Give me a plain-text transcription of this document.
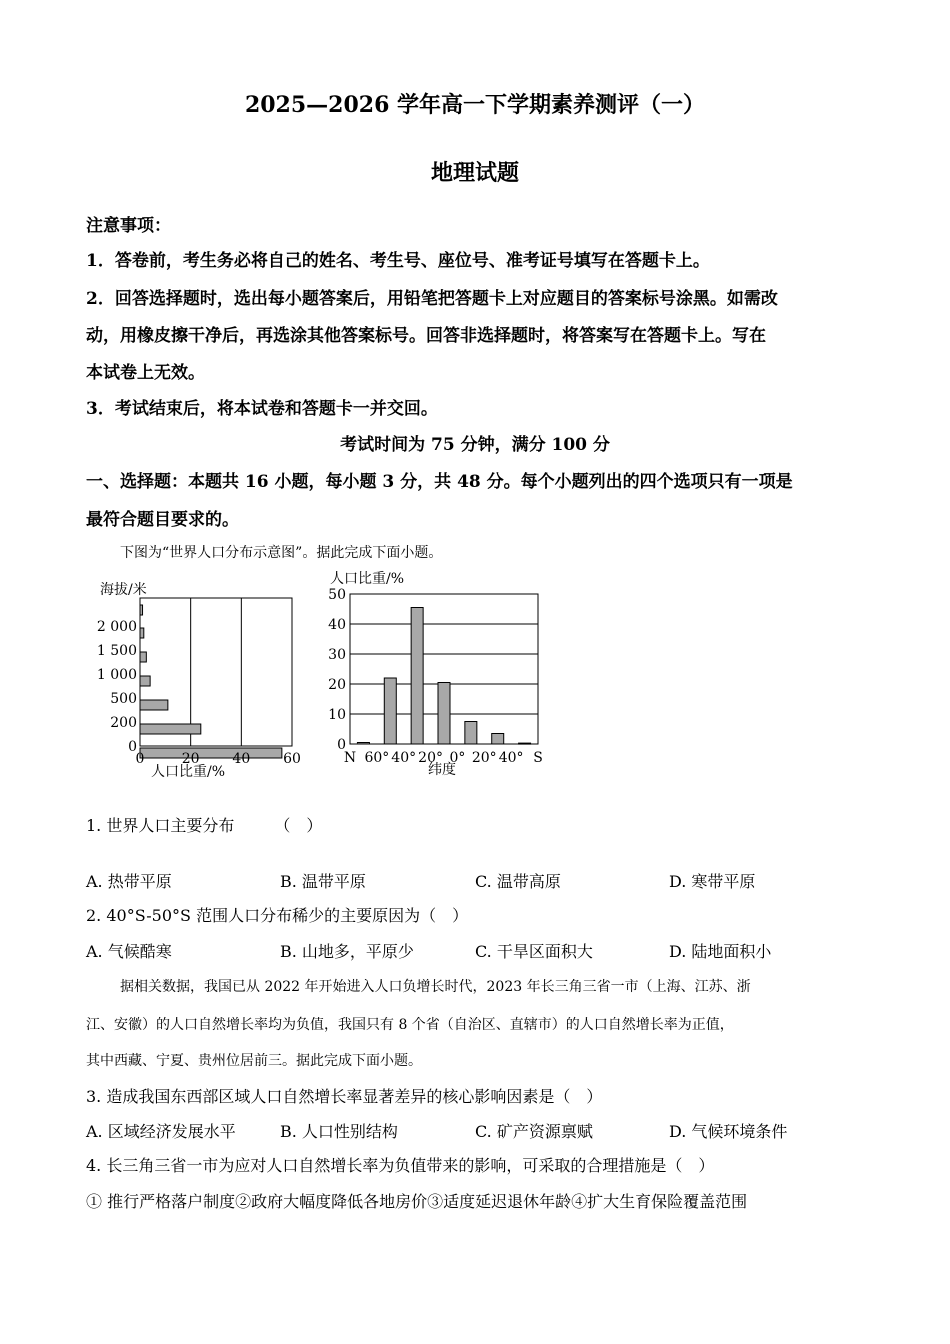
2025—2026 学年高一下学期素养测评（一）
地理试题
注意事项：
1．答卷前，考生务必将自己的姓名、考生号、座位号、准考证号填写在答题卡上。
2．回答选择题时，选出每小题答案后，用铅笔把答题卡上对应题目的答案标号涂黑。如需改
动，用橡皮擦干净后，再选涂其他答案标号。回答非选择题时，将答案写在答题卡上。写在
本试卷上无效。
3．考试结束后，将本试卷和答题卡一并交回。
考试时间为 75 分钟，满分 100 分
一、选择题：本题共 16 小题，每小题 3 分，共 48 分。每个小题列出的四个选项只有一项是
最符合题目要求的。
下图为“世界人口分布示意图”。据此完成下面小题。
海拔/米
0
200
500
1 000
1 500
2 000
0	20 40 60
人口比重/%
人口比重/%
0
10
20
30
40
50
N 60° 40° 20° 0° 20° 40° S
纬度
1. 世界人口主要分布　　　（　）
A. 热带平原	B. 温带平原	C. 温带高原	D. 寒带平原
2. 40°S-50°S 范围人口分布稀少的主要原因为（　）
A. 气候酷寒	B. 山地多，平原少	C. 干旱区面积大	D. 陆地面积小
据相关数据，我国已从 2022 年开始进入人口负增长时代，2023 年长三角三省一市（上海、江苏、浙
江、安徽）的人口自然增长率均为负值，我国只有 8 个省（自治区、直辖市）的人口自然增长率为正值，
其中西藏、宁夏、贵州位居前三。据此完成下面小题。
3. 造成我国东西部区域人口自然增长率显著差异的核心影响因素是（　）
A. 区域经济发展水平	B. 人口性别结构	C. 矿产资源禀赋	D. 气候环境条件
4. 长三角三省一市为应对人口自然增长率为负值带来的影响，可采取的合理措施是（　）
① 推行严格落户制度②政府大幅度降低各地房价③适度延迟退休年龄④扩大生育保险覆盖范围
